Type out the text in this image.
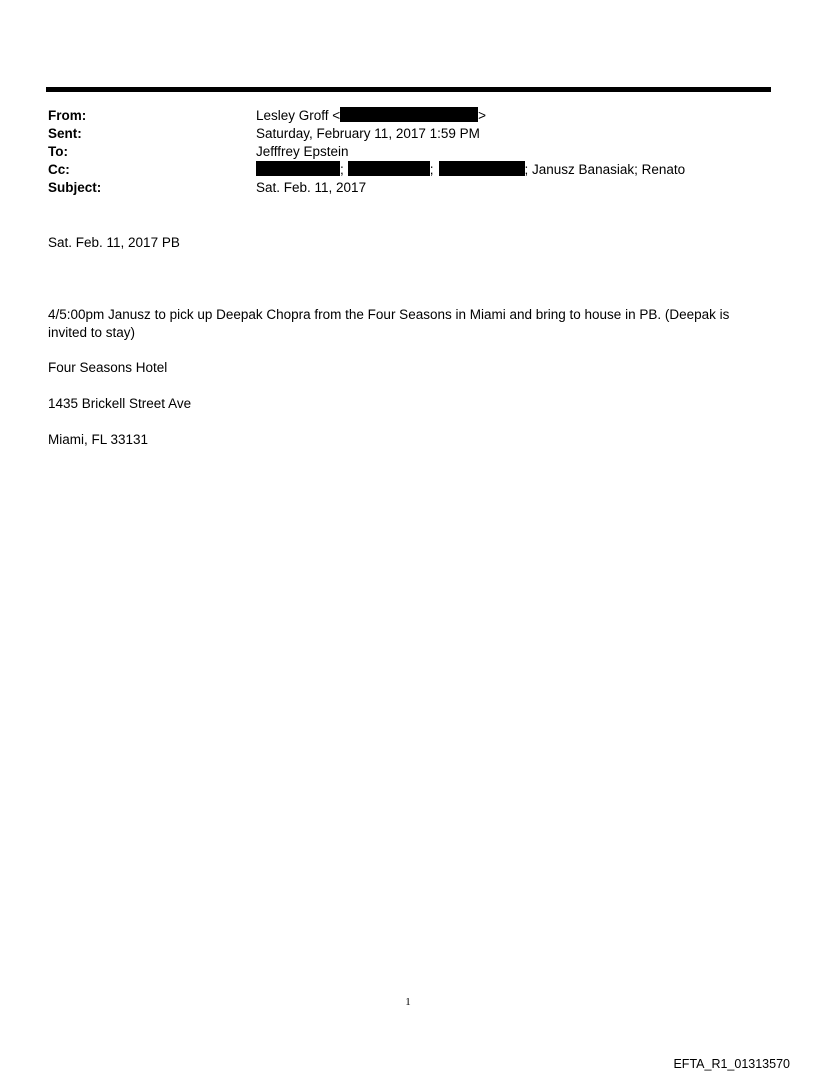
From:	Lesley Groff <	>
Sent:	Saturday, February 11, 2017 1:59 PM
To:	Jefffrey Epstein
Cc:	;	;	; Janusz Banasiak; Renato
Subject:	Sat. Feb. 11, 2017
Sat. Feb. 11, 2017 PB
4/5:00pm Janusz to pick up Deepak Chopra from the Four Seasons in Miami and bring to house in PB. (Deepak is invited to stay)
Four Seasons Hotel
1435 Brickell Street Ave
Miami, FL 33131
1
EFTA_R1_01313570
